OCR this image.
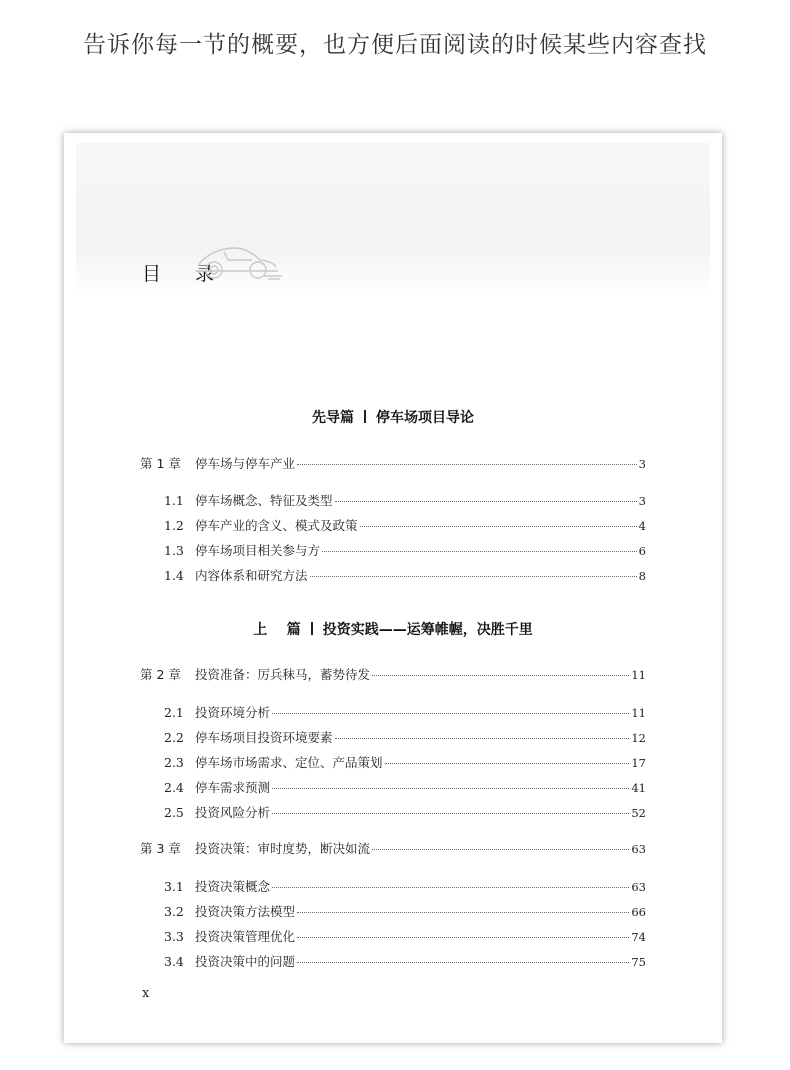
告诉你每一节的概要，也方便后面阅读的时候某些内容查找
目 录
先导篇 停车场项目导论
第 1 章	停车场与停车产业	3
1.1 停车场概念、特征及类型	3
1.2 停车产业的含义、模式及政策	4
1.3 停车场项目相关参与方	6
1.4 内容体系和研究方法	8
上    篇 投资实践——运筹帷幄，决胜千里
第 2 章	投资准备：厉兵秣马，蓄势待发	11
2.1 投资环境分析	11
2.2 停车场项目投资环境要素	12
2.3 停车场市场需求、定位、产品策划	17
2.4 停车需求预测	41
2.5 投资风险分析	52
第 3 章	投资决策：审时度势，断决如流	63
3.1 投资决策概念	63
3.2 投资决策方法模型	66
3.3 投资决策管理优化	74
3.4 投资决策中的问题	75
x
